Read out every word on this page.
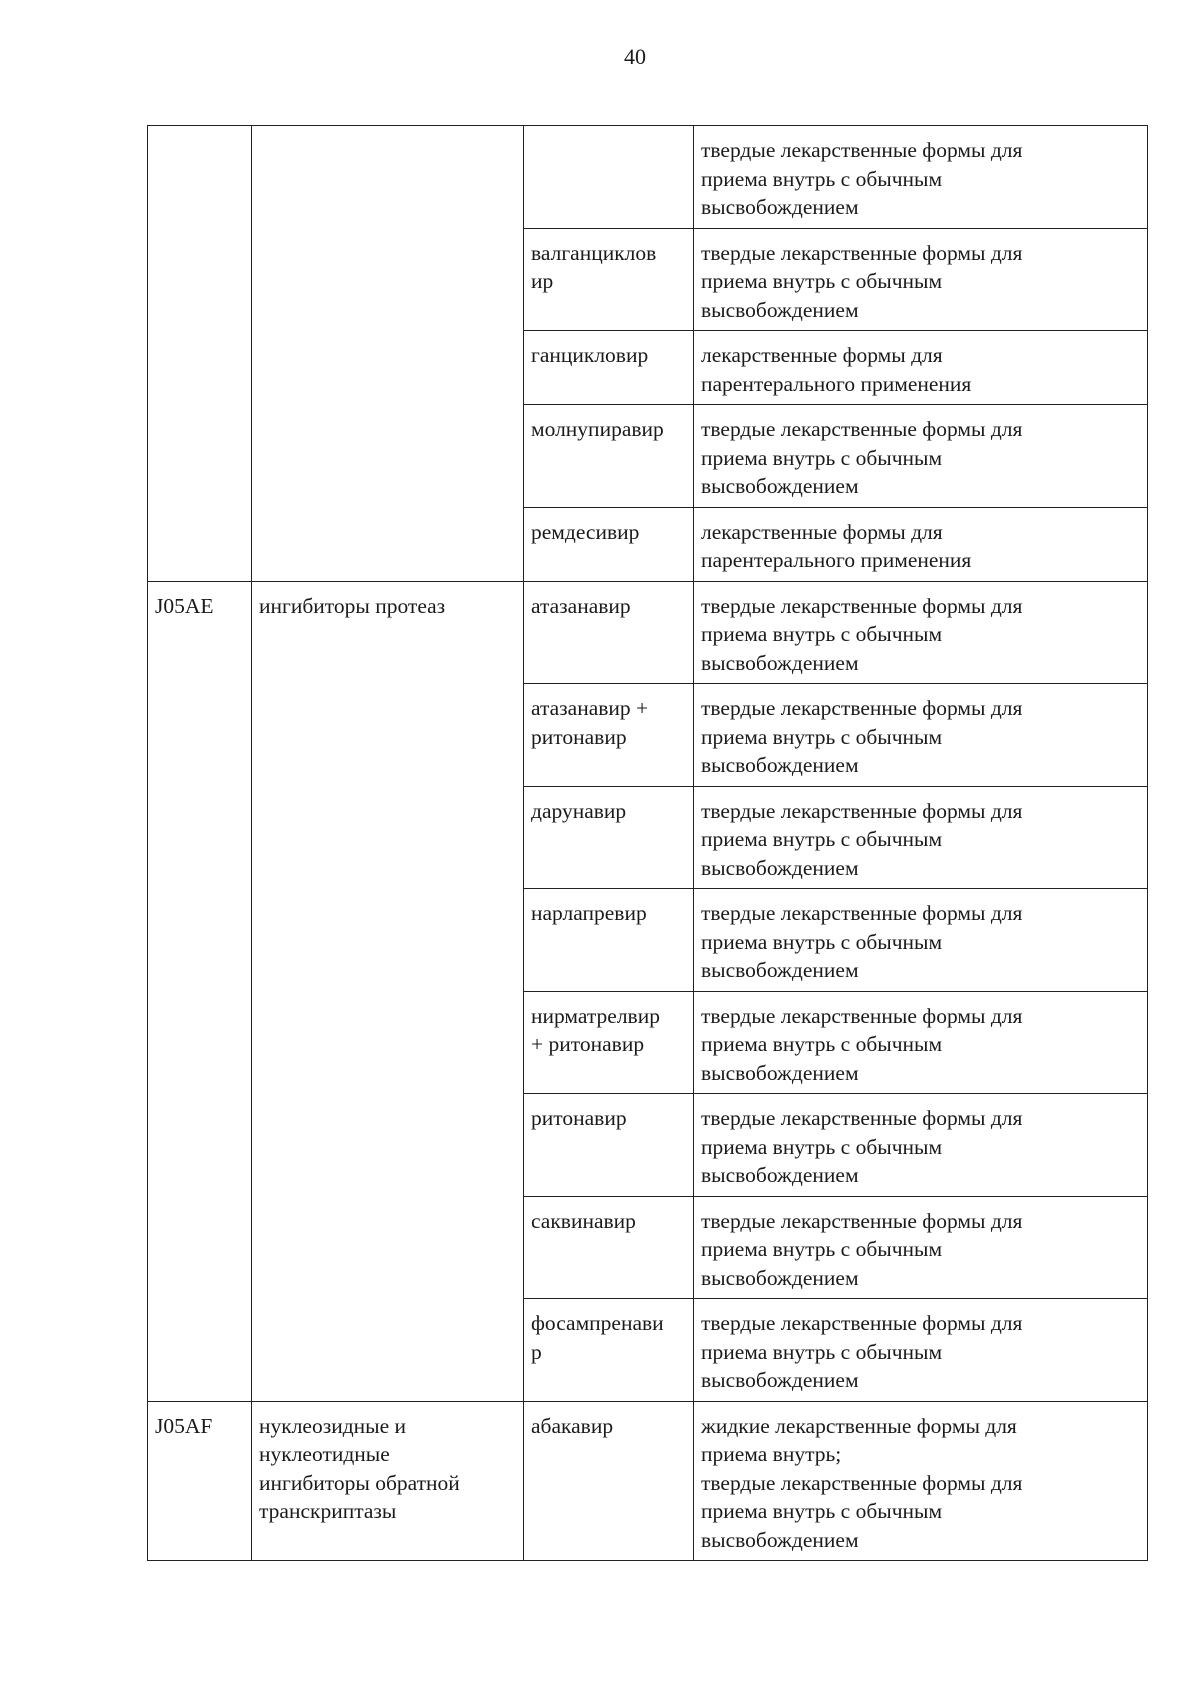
40
			твердые лекарственные формы для
приема внутрь с обычным
высвобождением
		валганциклов
ир	твердые лекарственные формы для
приема внутрь с обычным
высвобождением
		ганцикловир	лекарственные формы для
парентерального применения
		молнупиравир	твердые лекарственные формы для
приема внутрь с обычным
высвобождением
		ремдесивир	лекарственные формы для
парентерального применения
J05AE	ингибиторы протеаз	атазанавир	твердые лекарственные формы для
приема внутрь с обычным
высвобождением
		атазанавир +
ритонавир	твердые лекарственные формы для
приема внутрь с обычным
высвобождением
		дарунавир	твердые лекарственные формы для
приема внутрь с обычным
высвобождением
		нарлапревир	твердые лекарственные формы для
приема внутрь с обычным
высвобождением
		нирматрелвир
+ ритонавир	твердые лекарственные формы для
приема внутрь с обычным
высвобождением
		ритонавир	твердые лекарственные формы для
приема внутрь с обычным
высвобождением
		саквинавир	твердые лекарственные формы для
приема внутрь с обычным
высвобождением
		фосампренави
р	твердые лекарственные формы для
приема внутрь с обычным
высвобождением
J05AF	нуклеозидные и
нуклеотидные
ингибиторы обратной
транскриптазы	абакавир	жидкие лекарственные формы для
приема внутрь;
твердые лекарственные формы для
приема внутрь с обычным
высвобождением
